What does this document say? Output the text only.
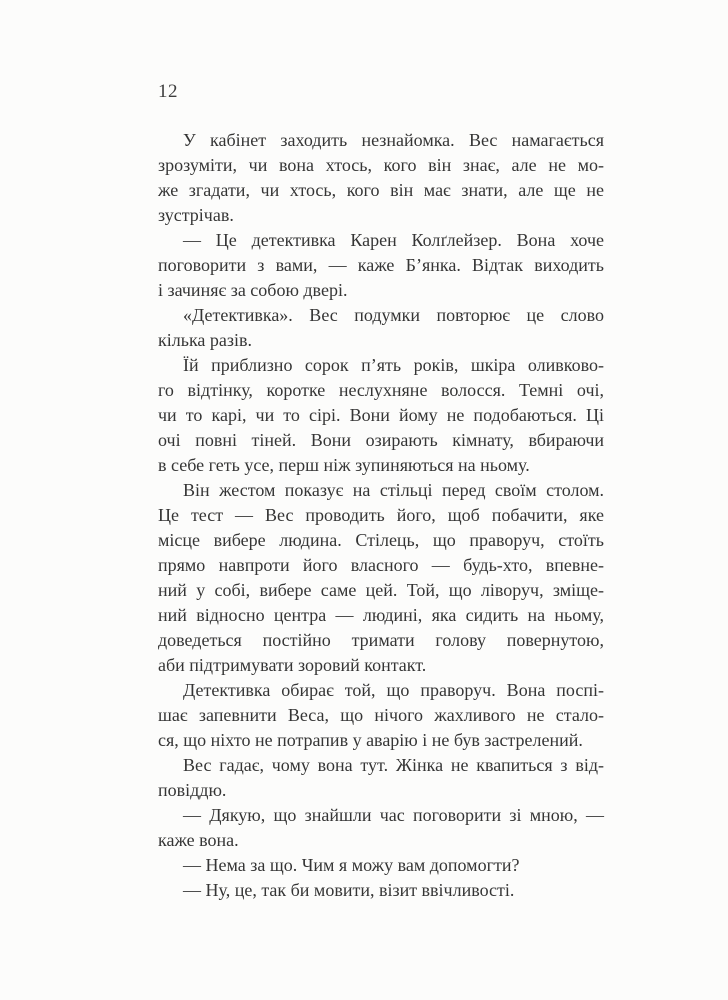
12
У кабінет заходить незнайомка. Вес намагається
зрозуміти, чи вона хтось, кого він знає, але не мо-
же згадати, чи хтось, кого він має знати, але ще не
зустрічав.
— Це детективка Карен Колґлейзер. Вона хоче
поговорити з вами, — каже Б’янка. Відтак виходить
і зачиняє за собою двері.
«Детективка». Вес подумки повторює це слово
кілька разів.
Їй приблизно сорок п’ять років, шкіра оливково-
го відтінку, коротке неслухняне волосся. Темні очі,
чи то карі, чи то сірі. Вони йому не подобаються. Ці
очі повні тіней. Вони озирають кімнату, вбираючи
в себе геть усе, перш ніж зупиняються на ньому.
Він жестом показує на стільці перед своїм столом.
Це тест — Вес проводить його, щоб побачити, яке
місце вибере людина. Стілець, що праворуч, стоїть
прямо навпроти його власного — будь-хто, впевне-
ний у собі, вибере саме цей. Той, що ліворуч, зміще-
ний відносно центра — людині, яка сидить на ньому,
доведеться постійно тримати голову повернутою,
аби підтримувати зоровий контакт.
Детективка обирає той, що праворуч. Вона поспі-
шає запевнити Веса, що нічого жахливого не стало-
ся, що ніхто не потрапив у аварію і не був застрелений.
Вес гадає, чому вона тут. Жінка не квапиться з від-
повіддю.
— Дякую, що знайшли час поговорити зі мною, —
каже вона.
— Нема за що. Чим я можу вам допомогти?
— Ну, це, так би мовити, візит ввічливості.
